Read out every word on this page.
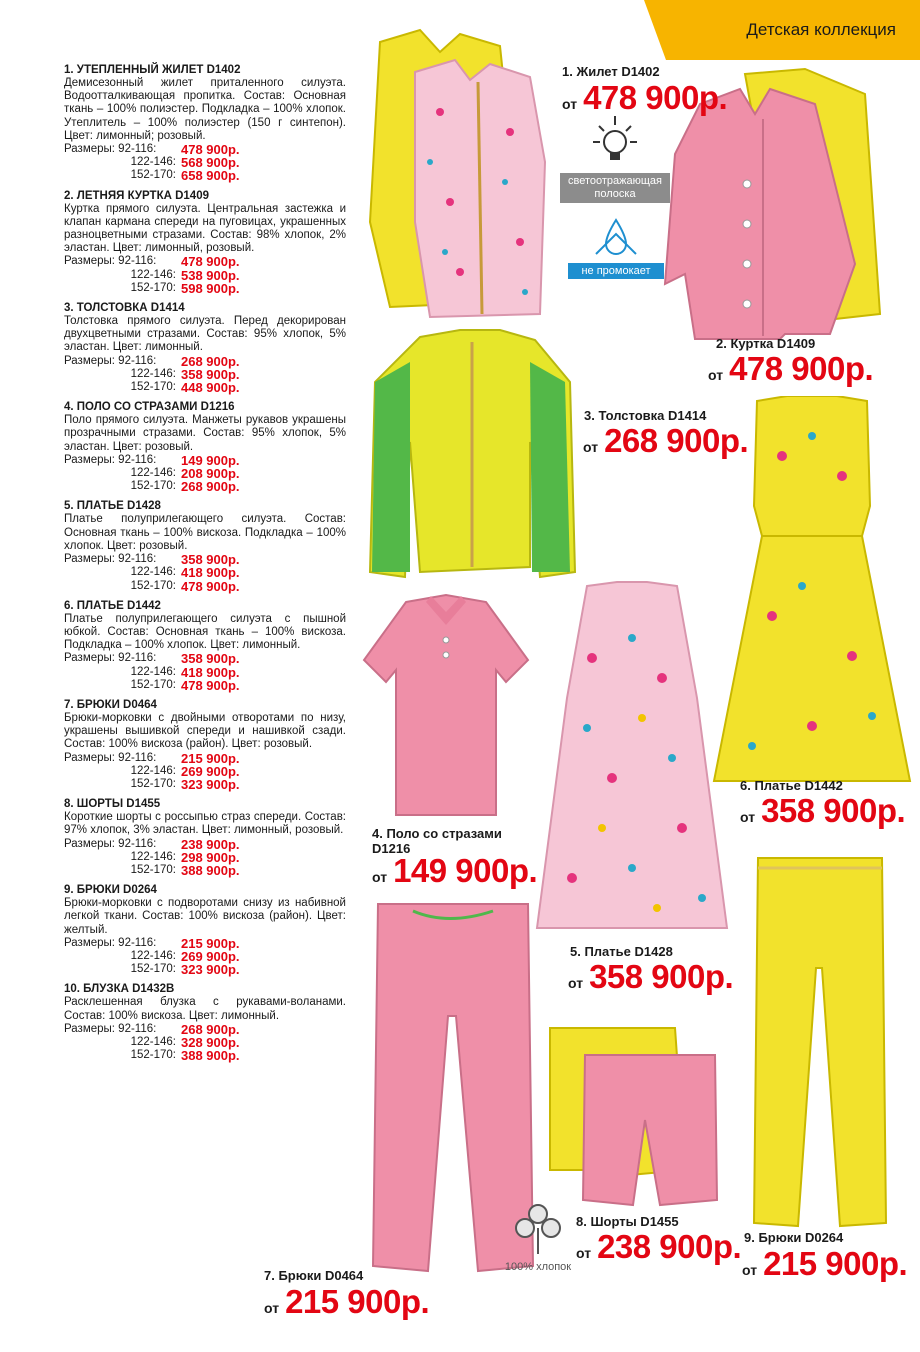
Детская коллекция
1. УТЕПЛЕННЫЙ ЖИЛЕТ D1402

Демисезонный жилет приталенного силуэта. Водоотталкивающая пропитка. Состав: Основная ткань – 100% полиэстер. Подкладка – 100% хлопок. Утеплитель – 100% полиэстер (150 г синтепон). Цвет: лимонный; розовый.

Размеры: 92-116:	478 900р.
122-146: 568 900р.
152-170: 658 900р.
2. ЛЕТНЯЯ КУРТКА D1409

Куртка прямого силуэта. Центральная застежка и клапан кармана спереди на пуговицах, украшенных разноцветными стразами. Состав: 98% хлопок, 2% эластан. Цвет: лимонный, розовый.

Размеры: 92-116:	478 900р.
122-146: 538 900р.
152-170: 598 900р.
3. ТОЛСТОВКА D1414

Толстовка прямого силуэта. Перед декорирован двухцветными стразами. Состав: 95% хлопок, 5% эластан. Цвет: лимонный.

Размеры: 92-116:	268 900р.
122-146: 358 900р.
152-170: 448 900р.
4. ПОЛО СО СТРАЗАМИ D1216

Поло прямого силуэта. Манжеты рукавов украшены прозрачными стразами. Состав: 95% хлопок, 5% эластан. Цвет: розовый.

Размеры: 92-116:	149 900р.
122-146: 208 900р.
152-170: 268 900р.
5. ПЛАТЬЕ D1428

Платье полуприлегающего силуэта. Состав: Основная ткань – 100% вискоза. Подкладка – 100% хлопок. Цвет: розовый.

Размеры: 92-116:	358 900р.
122-146: 418 900р.
152-170: 478 900р.
6. ПЛАТЬЕ D1442

Платье полуприлегающего силуэта с пышной юбкой. Состав: Основная ткань – 100% вискоза. Подкладка – 100% хлопок. Цвет: лимонный.

Размеры: 92-116:	358 900р.
122-146: 418 900р.
152-170: 478 900р.
7. БРЮКИ D0464

Брюки-морковки с двойными отворотами по низу, украшены вышивкой спереди и нашивкой сзади. Состав: 100% вискоза (район). Цвет: розовый.

Размеры: 92-116:	215 900р.
122-146: 269 900р.
152-170: 323 900р.
8. ШОРТЫ D1455

Короткие шорты с россыпью страз спереди. Состав: 97% хлопок, 3% эластан. Цвет: лимонный, розовый.

Размеры: 92-116:	238 900р.
122-146: 298 900р.
152-170: 388 900р.
9. БРЮКИ D0264

Брюки-морковки с подворотами снизу из набивной легкой ткани. Состав: 100% вискоза (район). Цвет: желтый.

Размеры: 92-116:	215 900р.
122-146: 269 900р.
152-170: 323 900р.
10. БЛУЗКА D1432B

Расклешенная блузка с рукавами-воланами. Состав: 100% вискоза. Цвет: лимонный.

Размеры: 92-116:	268 900р.
122-146: 328 900р.
152-170: 388 900р.
светоотражающая полоска
не промокает
100% хлопок
1. Жилет D1402
от 478 900р.
2. Куртка D1409
от 478 900р.
3. Толстовка D1414
от 268 900р.
4. Поло со стразами
D1216
от 149 900р.
5. Платье D1428
от 358 900р.
6. Платье D1442
от 358 900р.
7. Брюки D0464
от 215 900р.
8. Шорты D1455
от 238 900р. 9. Брюки D0264
от 215 900р.
